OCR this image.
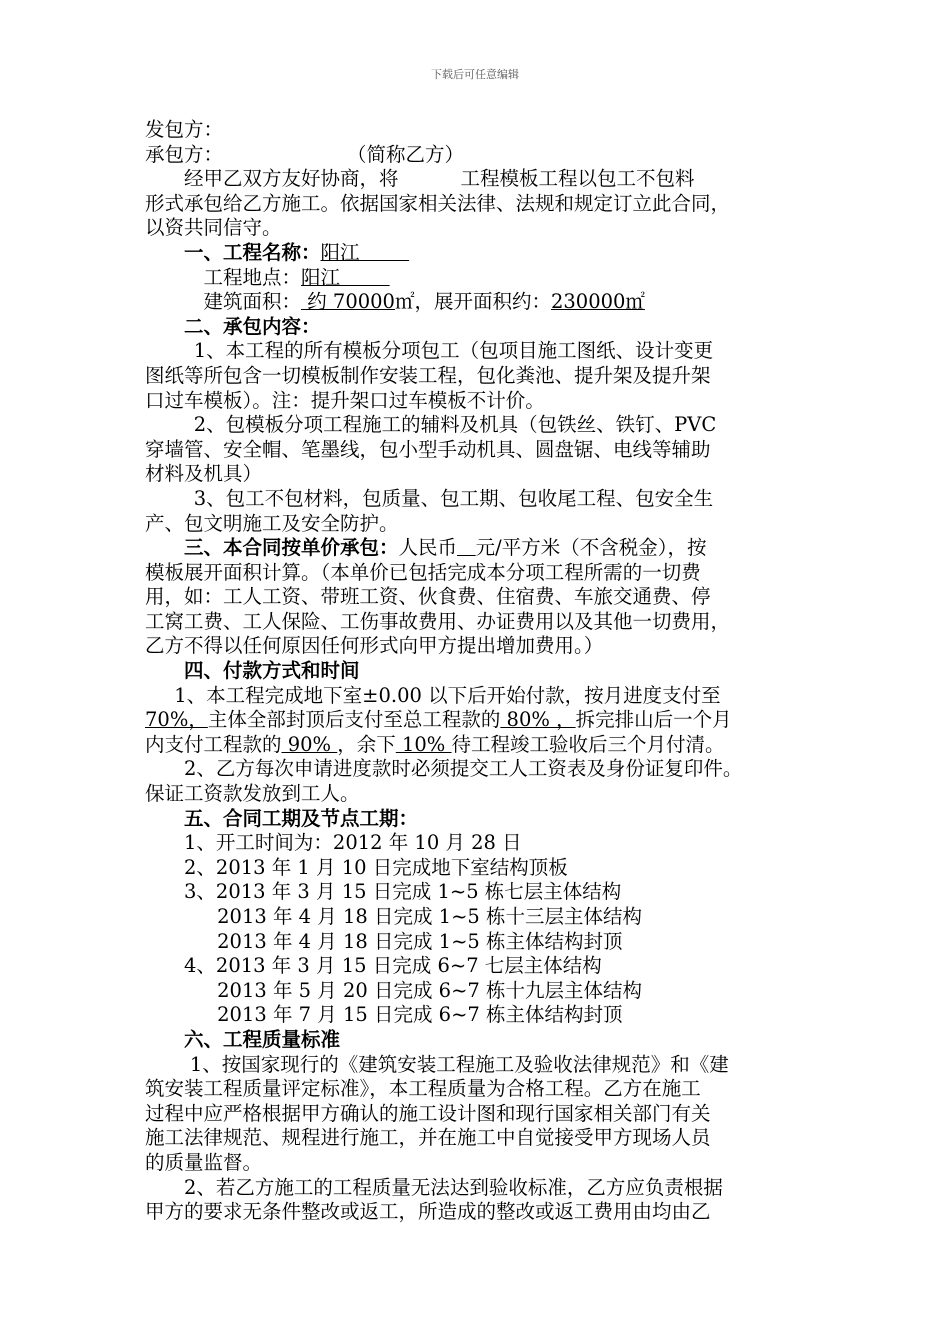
下载后可任意编辑

发包方：

承包方：                    （简称乙方）

经甲乙双方友好协商，将          工程模板工程以包工不包料

形式承包给乙方施工。依据国家相关法律、法规和规定订立此合同，

以资共同信守。

一、工程名称：阳江

工程地点：阳江

建筑面积： 约 70000㎡，展开面积约：230000㎡

二、承包内容：

1、本工程的所有模板分项包工（包项目施工图纸、设计变更

图纸等所包含一切模板制作安装工程，包化粪池、提升架及提升架

口过车模板）。注：提升架口过车模板不计价。

2、包模板分项工程施工的辅料及机具（包铁丝、铁钉、PVC

穿墙管、安全帽、笔墨线，包小型手动机具、圆盘锯、电线等辅助

材料及机具）

3、包工不包材料，包质量、包工期、包收尾工程、包安全生

产、包文明施工及安全防护。

三、本合同按单价承包：人民币 元/平方米（不含税金），按

模板展开面积计算。（本单价已包括完成本分项工程所需的一切费

用，如：工人工资、带班工资、伙食费、住宿费、车旅交通费、停

工窝工费、工人保险、工伤事故费用、办证费用以及其他一切费用，

乙方不得以任何原因任何形式向甲方提出增加费用。）

四、付款方式和时间

1、本工程完成地下室±0.00 以下后开始付款，按月进度支付至

70%，主体全部封顶后支付至总工程款的 80% ，拆完排山后一个月

内支付工程款的 90% ，余下 10% 待工程竣工验收后三个月付清。

2、乙方每次申请进度款时必须提交工人工资表及身份证复印件。

保证工资款发放到工人。

五、合同工期及节点工期：

1、开工时间为：2012 年 10 月 28 日

2、2013 年 1 月 10 日完成地下室结构顶板

3、2013 年 3 月 15 日完成 1~5 栋七层主体结构

2013 年 4 月 18 日完成 1~5 栋十三层主体结构

2013 年 4 月 18 日完成 1~5 栋主体结构封顶

4、2013 年 3 月 15 日完成 6~7 七层主体结构

2013 年 5 月 20 日完成 6~7 栋十九层主体结构

2013 年 7 月 15 日完成 6~7 栋主体结构封顶

六、工程质量标准

1、按国家现行的《建筑安装工程施工及验收法律规范》和《建

筑安装工程质量评定标准》，本工程质量为合格工程。乙方在施工

过程中应严格根据甲方确认的施工设计图和现行国家相关部门有关

施工法律规范、规程进行施工，并在施工中自觉接受甲方现场人员

的质量监督。

2、若乙方施工的工程质量无法达到验收标准，乙方应负责根据

甲方的要求无条件整改或返工，所造成的整改或返工费用由均由乙
